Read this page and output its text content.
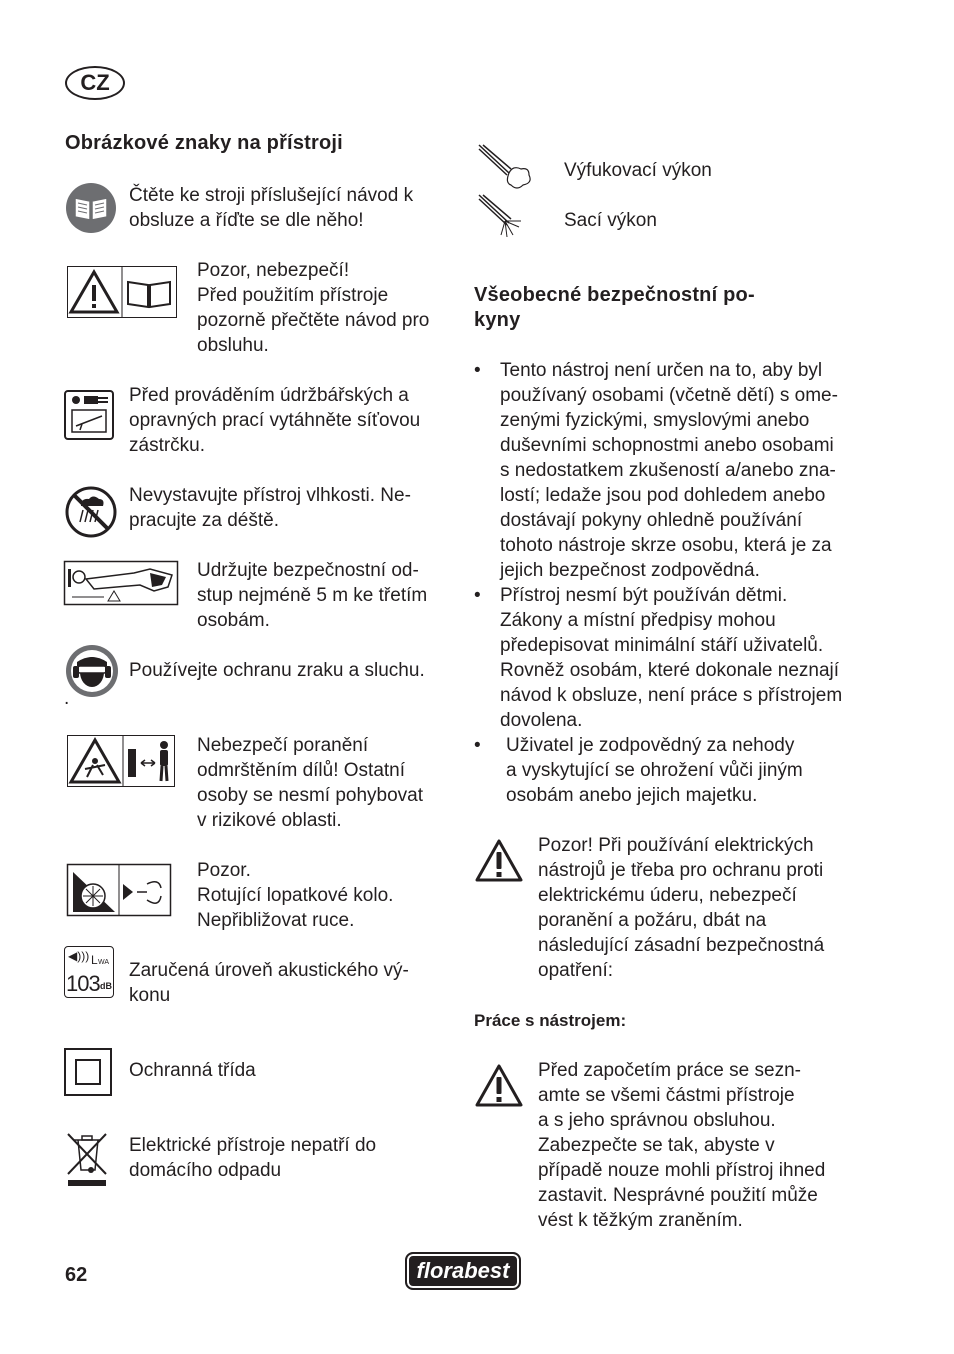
CZ
Obrázkové znaky na přístroji
Čtěte ke stroji příslušející návod k
obsluze a říďte se dle něho!
Pozor, nebezpečí!
Před použitím přístroje
pozorně přečtěte návod pro
obsluhu.
Před prováděním údržbářských a
opravných prací vytáhněte síťovou
zástrčku.
Nevystavujte přístroj vlhkosti. Ne-
pracujte za déště.
Udržujte bezpečnostní od-
stup nejméně 5 m ke třetím
osobám.
Používejte ochranu zraku a sluchu.
.
Nebezpečí poranění
odmrštěním dílů! Ostatní
osoby se nesmí pohybovat
v rizikové oblasti.
Pozor.
Rotující lopatkové kolo.
Nepřibližovat ruce.
◀))) L WA
103 dB
Zaručená úroveň akustického vý-
konu
Ochranná třída
Elektrické přístroje nepatří do
domácího odpadu
Výfukovací výkon
Sací výkon
Všeobecné bezpečnostní po-
kyny
• Tento nástroj není určen na to, aby byl
používaný osobami (včetně dětí) s ome-
zenými fyzickými, smyslovými anebo
duševními schopnostmi anebo osobami
s nedostatkem zkušeností a/anebo zna-
lostí; ledaže jsou pod dohledem anebo
dostávají pokyny ohledně používání
tohoto nástroje skrze osobu, která je za
jejich bezpečnost zodpovědná.
• Přístroj nesmí být používán dětmi.
Zákony a místní předpisy mohou
předepisovat minimální stáří uživatelů.
Rovněž osobám, které dokonale neznají
návod k obsluze, není práce s přístrojem
dovolena.
• Uživatel je zodpovědný za nehody
a vyskytující se ohrožení vůči jiným
osobám anebo jejich majetku.
Pozor! Při používání elektrických
nástrojů je třeba pro ochranu proti
elektrickému úderu, nebezpečí
poranění a požáru, dbát na
následující zásadní bezpečnostná
opatření:
Práce s nástrojem:
Před započetím práce se sezn-
amte se všemi částmi přístroje
a s jeho správnou obsluhou.
Zabezpečte se tak, abyste v
případě nouze mohli přístroj ihned
zastavit. Nesprávné použití může
vést k těžkým zraněním.
62	florabest
